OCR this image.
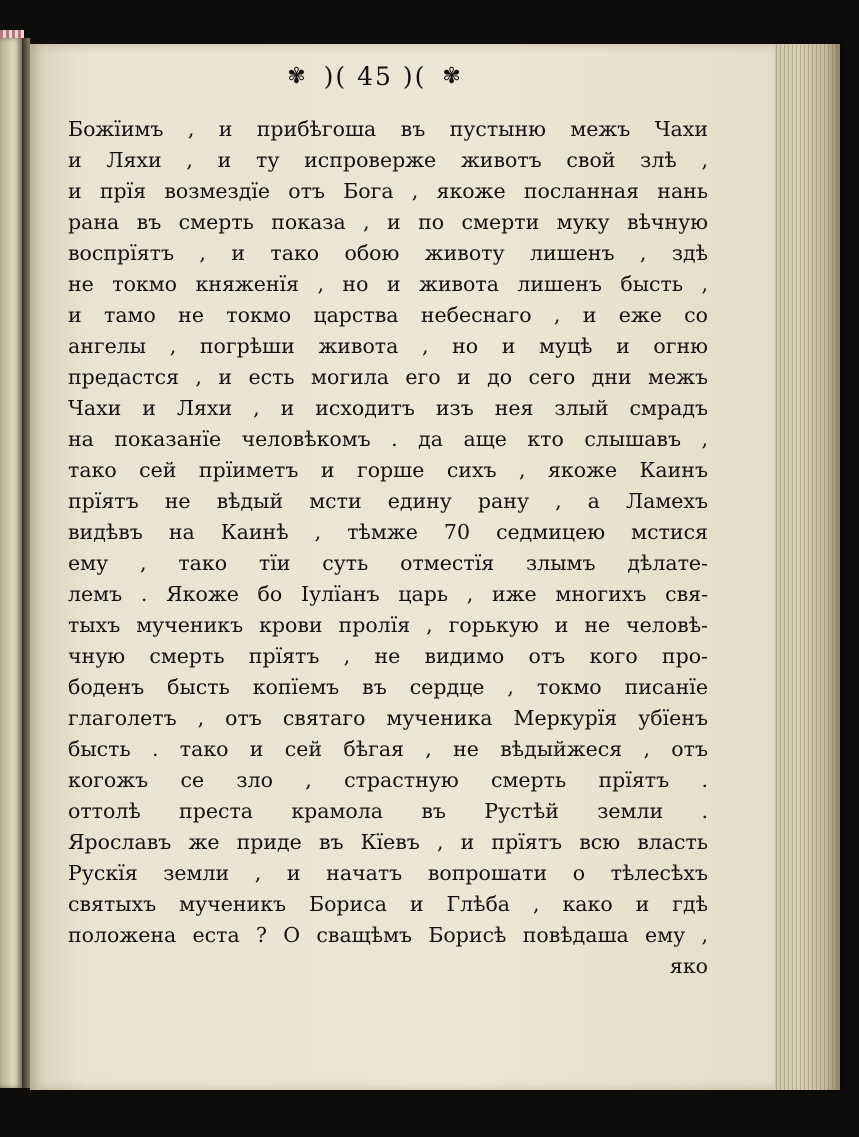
✾ )( 45 )( ✾
Божїимъ , и прибѣгоша въ пустыню межъ Чахи
и Ляхи , и ту испроверже животъ свой злѣ ,
и прїя возмездїе отъ Бога , якоже посланная нань
рана въ смерть показа , и по смерти муку вѣчную
воспрїятъ , и тако обою животу лишенъ , здѣ
не токмо княженїя , но и живота лишенъ бысть ,
и тамо не токмо царства небеснаго , и еже со
ангелы , погрѣши живота , но и муцѣ и огню
предастся , и есть могила его и до сего дни межъ
Чахи и Ляхи , и исходитъ изъ нея злый смрадъ
на показанїе человѣкомъ . да аще кто слышавъ ,
тако сей прїиметъ и горше сихъ , якоже Каинъ
прїятъ не вѣдый мсти едину рану , а Ламехъ
видѣвъ на Каинѣ , тѣмже 70 седмицею мстися
ему , тако тїи суть отместїя злымъ дѣлате-
лемъ . Якоже бо Iулїанъ царь , иже многихъ свя-
тыхъ мученикъ крови пролїя , горькую и не человѣ-
чную смерть прїятъ , не видимо отъ кого про-
боденъ бысть копїемъ въ сердце , токмо писанїе
глаголетъ , отъ святаго мученика Меркурїя убїенъ
бысть . тако и сей бѣгая , не вѣдыйжеся , отъ
когожъ се зло , страстную смерть прїятъ .
оттолѣ преста крамола въ Рустѣй земли .
Ярославъ же приде въ Кїевъ , и прїятъ всю власть
Рускїя земли , и начатъ вопрошати о тѣлесѣхъ
святыхъ мученикъ Бориса и Глѣба , како и гдѣ
положена еста ? О сващѣмъ Борисѣ повѣдаша ему ,
яко
